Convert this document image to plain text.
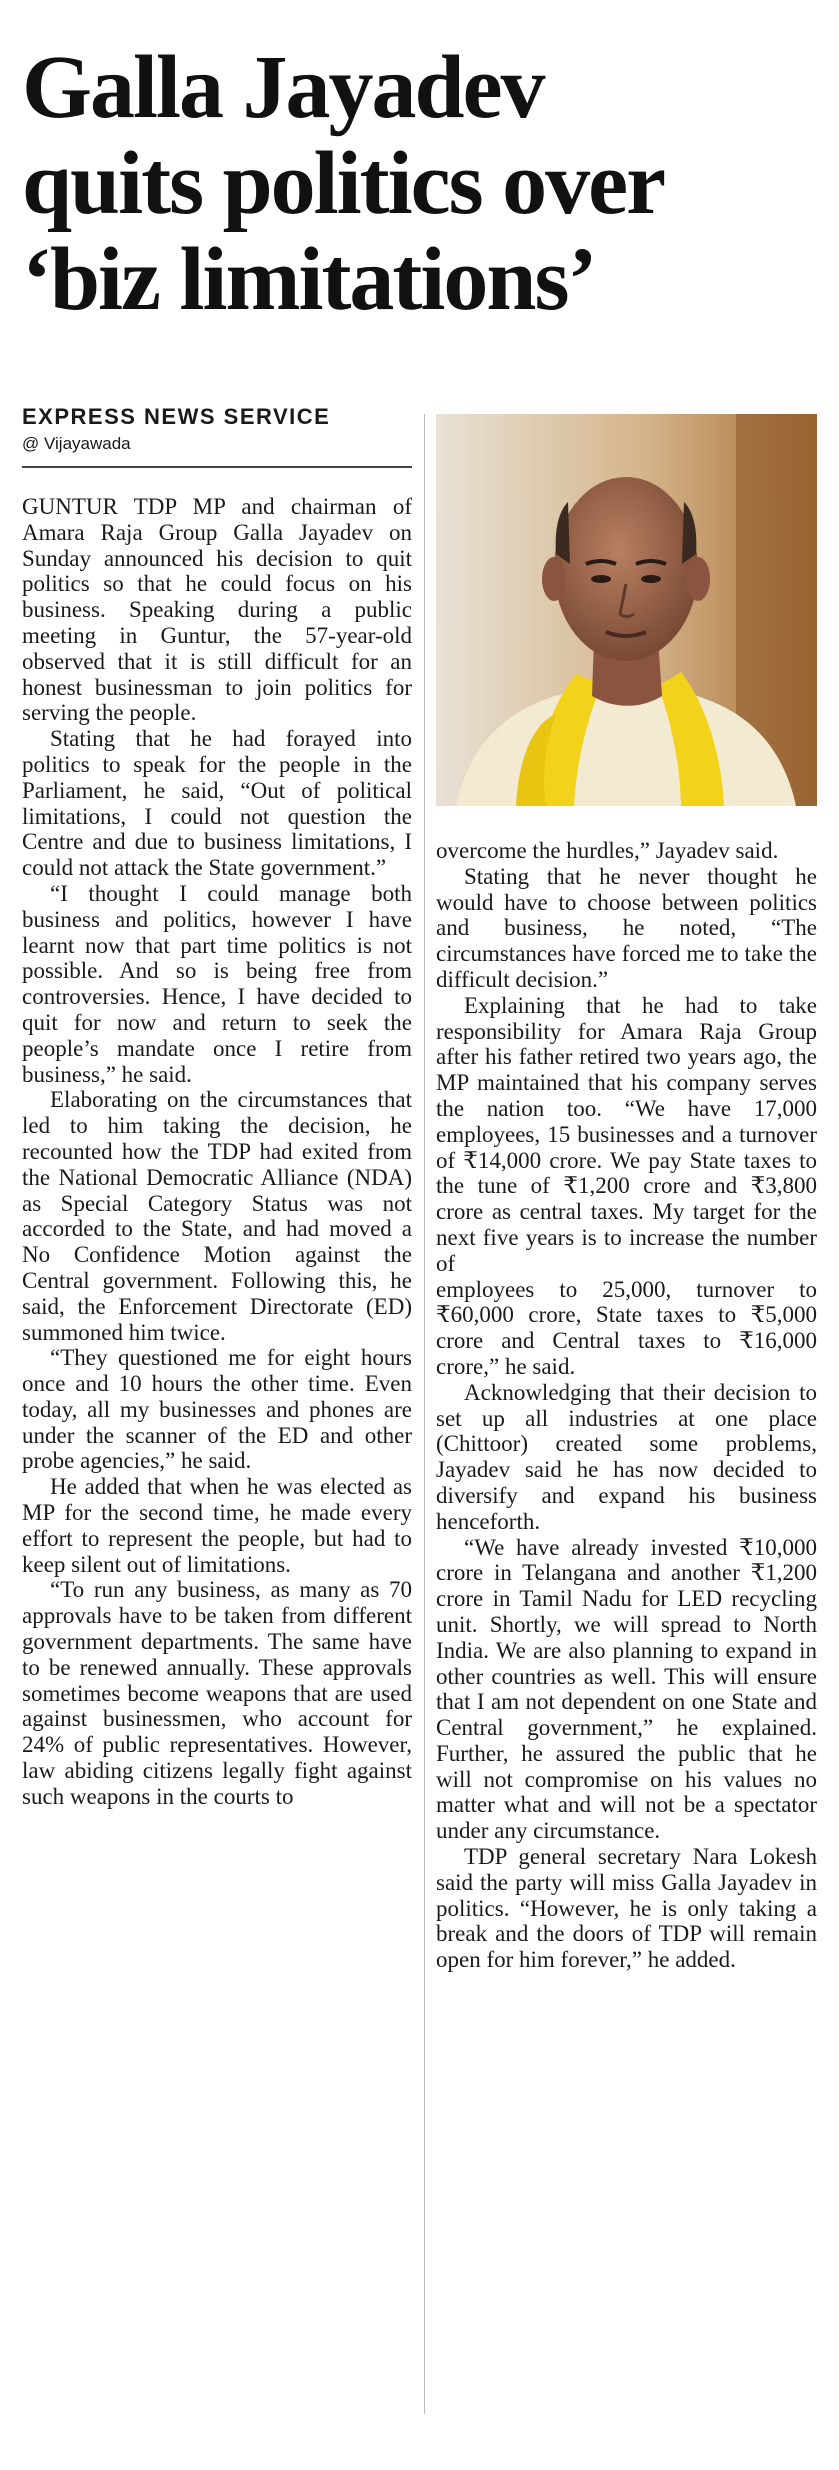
Galla Jayadev
quits politics over
‘biz limitations’
EXPRESS NEWS SERVICE
@ Vijayawada

GUNTUR TDP MP and chairman of Amara Raja Group Galla Jayadev on Sunday announced his decision to quit politics so that he could focus on his business. Speaking during a public meeting in Guntur, the 57-year-old observed that it is still difficult for an honest businessman to join politics for serving the people.

Stating that he had forayed into politics to speak for the people in the Parliament, he said, “Out of political limitations, I could not question the Centre and due to business limitations, I could not attack the State government.”

“I thought I could manage both business and politics, however I have learnt now that part time politics is not possible. And so is being free from controversies. Hence, I have decided to quit for now and return to seek the people’s mandate once I retire from business,” he said.

Elaborating on the circumstances that led to him taking the decision, he recounted how the TDP had exited from the National Democratic Alliance (NDA) as Special Category Status was not accorded to the State, and had moved a No Confidence Motion against the Central government. Following this, he said, the Enforcement Directorate (ED) summoned him twice.

“They questioned me for eight hours once and 10 hours the other time. Even today, all my businesses and phones are under the scanner of the ED and other probe agencies,” he said.

He added that when he was elected as MP for the second time, he made every effort to represent the people, but had to keep silent out of limitations.

“To run any business, as many as 70 approvals have to be taken from different government departments. The same have to be renewed annually. These approvals sometimes become weapons that are used against businessmen, who account for 24% of public representatives. However, law abiding citizens legally fight against such weapons in the courts to

overcome the hurdles,” Jayadev said.

Stating that he never thought he would have to choose between politics and business, he noted, “The circumstances have forced me to take the difficult decision.”

Explaining that he had to take responsibility for Amara Raja Group after his father retired two years ago, the MP maintained that his company serves the nation too. “We have 17,000 employees, 15 businesses and a turnover of ₹14,000 crore. We pay State taxes to the tune of ₹1,200 crore and ₹3,800 crore as central taxes. My target for the next five years is to increase the number of

employees to 25,000, turnover to ₹60,000 crore, State taxes to ₹5,000 crore and Central taxes to ₹16,000 crore,” he said.

Acknowledging that their decision to set up all industries at one place (Chittoor) created some problems, Jayadev said he has now decided to diversify and expand his business henceforth.

“We have already invested ₹10,000 crore in Telangana and another ₹1,200 crore in Tamil Nadu for LED recycling unit. Shortly, we will spread to North India. We are also planning to expand in other countries as well. This will ensure that I am not dependent on one State and Central government,” he explained. Further, he assured the public that he will not compromise on his values no matter what and will not be a spectator under any circumstance.

TDP general secretary Nara Lokesh said the party will miss Galla Jayadev in politics. “However, he is only taking a break and the doors of TDP will remain open for him forever,” he added.
